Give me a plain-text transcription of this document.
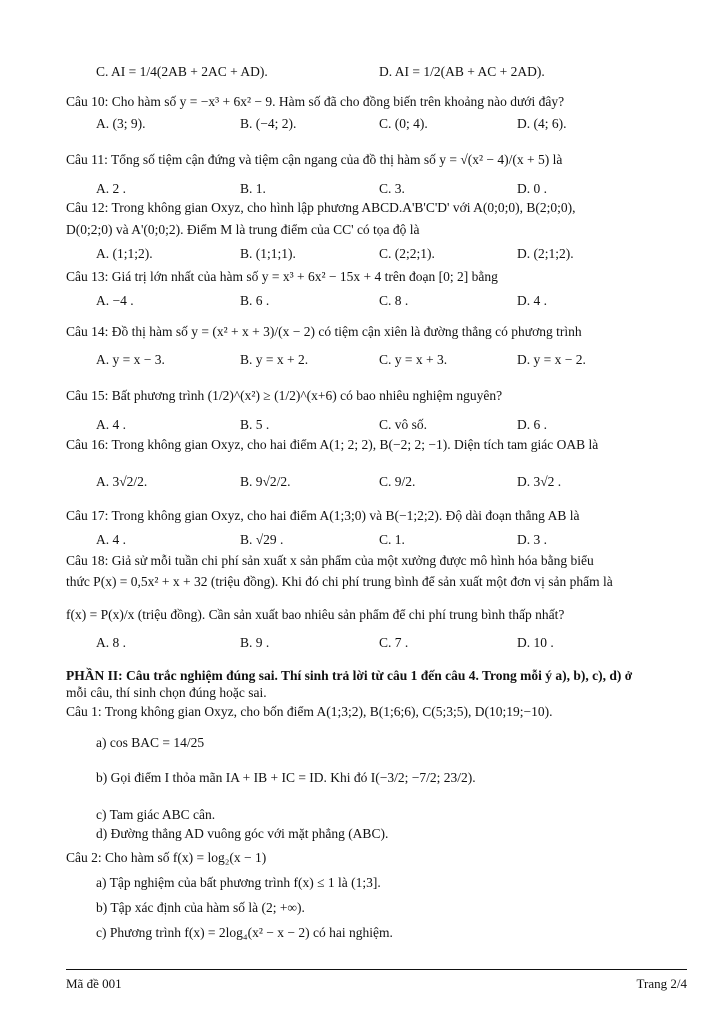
C. AI = 1/4(2AB + 2AC + AD).	D. AI = 1/2(AB + AC + 2AD).
Câu 10: Cho hàm số y = −x³ + 6x² − 9. Hàm số đã cho đồng biến trên khoảng nào dưới đây?
A. (3; 9).	B. (−4; 2).	C. (0; 4).	D. (4; 6).
Câu 11: Tổng số tiệm cận đứng và tiệm cận ngang của đồ thị hàm số y = √(x² − 4)/(x + 5) là
A. 2 .	B. 1.	C. 3.	D. 0 .
Câu 12: Trong không gian Oxyz, cho hình lập phương ABCD.A'B'C'D' với A(0;0;0), B(2;0;0),
D(0;2;0) và A'(0;0;2). Điểm M là trung điểm của CC' có tọa độ là
A. (1;1;2).	B. (1;1;1).	C. (2;2;1).	D. (2;1;2).
Câu 13: Giá trị lớn nhất của hàm số y = x³ + 6x² − 15x + 4 trên đoạn [0; 2] bằng
A. −4 .	B. 6 .	C. 8 .	D. 4 .
Câu 14: Đồ thị hàm số y = (x² + x + 3)/(x − 2) có tiệm cận xiên là đường thẳng có phương trình
A. y = x − 3.	B. y = x + 2.	C. y = x + 3.	D. y = x − 2.
Câu 15: Bất phương trình (1/2)^(x²) ≥ (1/2)^(x+6) có bao nhiêu nghiệm nguyên?
A. 4 .	B. 5 .	C. vô số.	D. 6 .
Câu 16: Trong không gian Oxyz, cho hai điểm A(1; 2; 2), B(−2; 2; −1). Diện tích tam giác OAB là
A. 3√2/2.	B. 9√2/2.	C. 9/2.	D. 3√2 .
Câu 17: Trong không gian Oxyz, cho hai điểm A(1;3;0) và B(−1;2;2). Độ dài đoạn thẳng AB là
A. 4 .	B. √29 .	C. 1.	D. 3 .
Câu 18: Giả sử mỗi tuần chi phí sản xuất x sản phẩm của một xưởng được mô hình hóa bằng biểu
thức P(x) = 0,5x² + x + 32 (triệu đồng). Khi đó chi phí trung bình để sản xuất một đơn vị sản phẩm là
f(x) = P(x)/x (triệu đồng). Cần sản xuất bao nhiêu sản phẩm để chi phí trung bình thấp nhất?
A. 8 .	B. 9 .	C. 7 .	D. 10 .
PHẦN II: Câu trắc nghiệm đúng sai. Thí sinh trả lời từ câu 1 đến câu 4. Trong mỗi ý a), b), c), d) ở
mỗi câu, thí sinh chọn đúng hoặc sai.
Câu 1: Trong không gian Oxyz, cho bốn điểm A(1;3;2), B(1;6;6), C(5;3;5), D(10;19;−10).
a) cos BAC = 14/25
b) Gọi điểm I thỏa mãn IA + IB + IC = ID. Khi đó I(−3/2; −7/2; 23/2).
c) Tam giác ABC cân.
d) Đường thẳng AD vuông góc với mặt phẳng (ABC).
Câu 2: Cho hàm số f(x) = log₂(x − 1)
a) Tập nghiệm của bất phương trình f(x) ≤ 1 là (1;3].
b) Tập xác định của hàm số là (2; +∞).
c) Phương trình f(x) = 2log₄(x² − x − 2) có hai nghiệm.
Mã đề 001	Trang 2/4
